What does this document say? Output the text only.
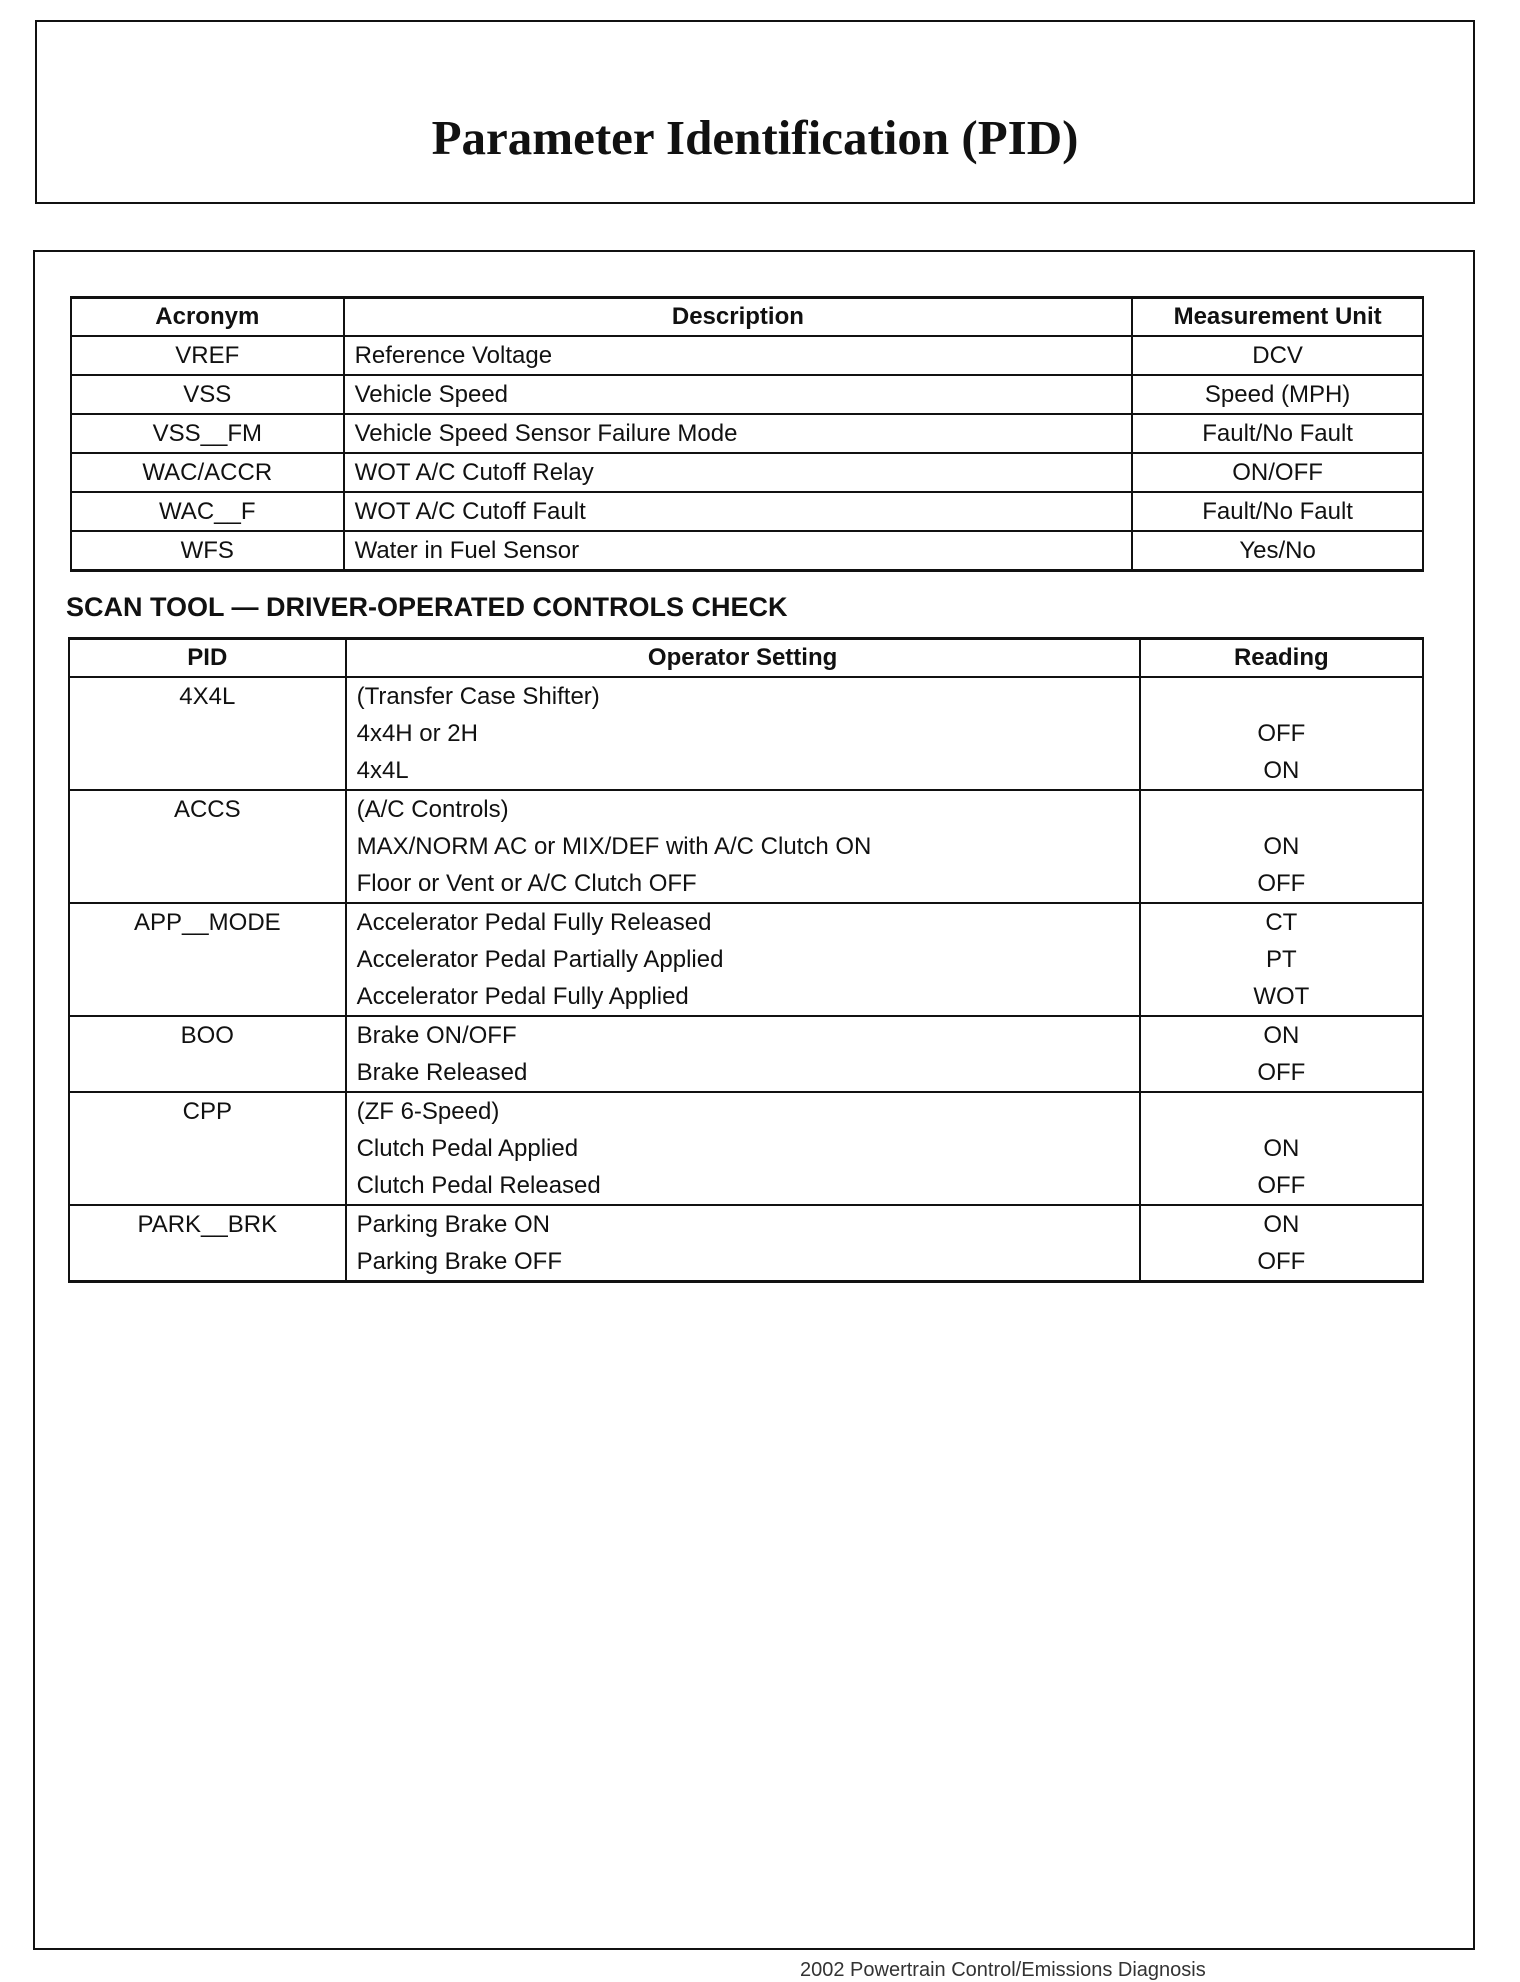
Parameter Identification (PID)
Acronym	Description	Measurement Unit
VREF	Reference Voltage	DCV
VSS	Vehicle Speed	Speed (MPH)
VSS__FM	Vehicle Speed Sensor Failure Mode	Fault/No Fault
WAC/ACCR	WOT A/C Cutoff Relay	ON/OFF
WAC__F	WOT A/C Cutoff Fault	Fault/No Fault
WFS	Water in Fuel Sensor	Yes/No
SCAN TOOL — DRIVER-OPERATED CONTROLS CHECK
PID	Operator Setting	Reading
4X4L	(Transfer Case Shifter)	
	4x4H or 2H	OFF
	4x4L	ON
ACCS	(A/C Controls)	
	MAX/NORM AC or MIX/DEF with A/C Clutch ON	ON
	Floor or Vent or A/C Clutch OFF	OFF
APP__MODE	Accelerator Pedal Fully Released	CT
	Accelerator Pedal Partially Applied	PT
	Accelerator Pedal Fully Applied	WOT
BOO	Brake ON/OFF	ON
	Brake Released	OFF
CPP	(ZF 6-Speed)	
	Clutch Pedal Applied	ON
	Clutch Pedal Released	OFF
PARK__BRK	Parking Brake ON	ON
	Parking Brake OFF	OFF
2002 Powertrain Control/Emissions Diagnosis
